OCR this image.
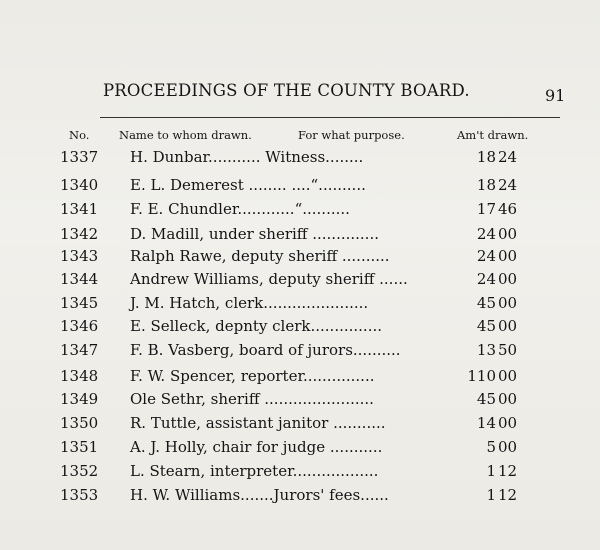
PROCEEDINGS OF THE COUNTY BOARD.	91
No.	Name to whom drawn.	For what purpose.	Am't drawn.
1337 H. Dunbar........... Witness........	18 24
1340 E. L. Demerest ........ ....“..........	18 24
1341 F. E. Chundler............“..........	17 46
1342 D. Madill, under sheriff ..............	24 00
1343 Ralph Rawe, deputy sheriff ..........	24 00
1344 Andrew Williams, deputy sheriff ......	24 00
1345 J. M. Hatch, clerk......................	45 00
1346 E. Selleck, depnty clerk...............	45 00
1347 F. B. Vasberg, board of jurors..........	13 50
1348 F. W. Spencer, reporter...............	110 00
1349 Ole Sethr, sheriff .......................	45 00
1350 R. Tuttle, assistant janitor ...........	14 00
1351 A. J. Holly, chair for judge ...........	5 00
1352 L. Stearn, interpreter..................	1 12
1353 H. W. Williams.......Jurors' fees......	1 12
